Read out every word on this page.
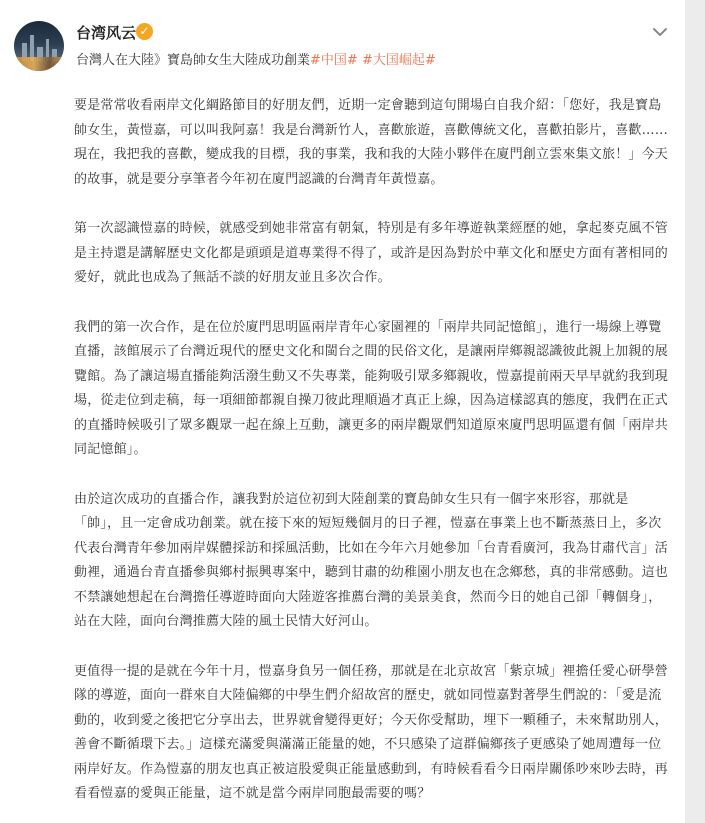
台湾风云 ✓
台灣人在大陸》寶島帥女生大陸成功創業#中国# #大国崛起#

要是常常收看兩岸文化綱路節目的好朋友們，近期一定會聽到這句開場白自我介紹：「您好，我是寶島帥女生，黃愷嘉，可以叫我阿嘉！我是台灣新竹人，喜歡旅遊，喜歡傳統文化，喜歡拍影片，喜歡……現在，我把我的喜歡，變成我的目標，我的事業，我和我的大陸小夥伴在廈門創立雲來集文旅！」今天的故事，就是要分享筆者今年初在廈門認識的台灣青年黃愷嘉。

第一次認識愷嘉的時候，就感受到她非常富有朝氣，特別是有多年導遊執業經歷的她，拿起麥克風不管是主持還是講解歷史文化都是頭頭是道專業得不得了，或許是因為對於中華文化和歷史方面有著相同的愛好，就此也成為了無話不談的好朋友並且多次合作。

我們的第一次合作，是在位於廈門思明區兩岸青年心家園裡的「兩岸共同記憶館」，進行一場線上導覽直播，該館展示了台灣近現代的歷史文化和閩台之間的民俗文化，是讓兩岸鄉親認識彼此親上加親的展覽館。為了讓這場直播能夠活潑生動又不失專業，能夠吸引眾多鄉親收，愷嘉提前兩天早早就約我到現場，從走位到走稿，每一項細節都親自操刀彼此理順過才真正上線，因為這樣認真的態度，我們在正式的直播時候吸引了眾多觀眾一起在線上互動，讓更多的兩岸觀眾們知道原來廈門思明區還有個「兩岸共同記憶館」。

由於這次成功的直播合作，讓我對於這位初到大陸創業的寶島帥女生只有一個字來形容，那就是「帥」，且一定會成功創業。就在接下來的短短幾個月的日子裡，愷嘉在事業上也不斷蒸蒸日上，多次代表台灣青年參加兩岸媒體採訪和採風活動，比如在今年六月她參加「台青看廣河，我為甘肅代言」活動裡，通過台青直播參與鄉村振興專案中，聽到甘肅的幼稚園小朋友也在念鄉愁，真的非常感動。這也不禁讓她想起在台灣擔任導遊時面向大陸遊客推薦台灣的美景美食，然而今日的她自己卻「轉個身」，站在大陸，面向台灣推薦大陸的風土民情大好河山。

更值得一提的是就在今年十月，愷嘉身負另一個任務，那就是在北京故宮「紫京城」裡擔任愛心研學營隊的導遊，面向一群來自大陸偏鄉的中學生們介紹故宮的歷史，就如同愷嘉對著學生們說的：「愛是流動的，收到愛之後把它分享出去，世界就會變得更好；今天你受幫助，埋下一顆種子，未來幫助別人，善會不斷循環下去。」這樣充滿愛與滿滿正能量的她，不只感染了這群偏鄉孩子更感染了她周遭每一位兩岸好友。作為愷嘉的朋友也真正被這股愛與正能量感動到，有時候看看今日兩岸關係吵來吵去時，再看看愷嘉的愛與正能量，這不就是當今兩岸同胞最需要的嗎？
